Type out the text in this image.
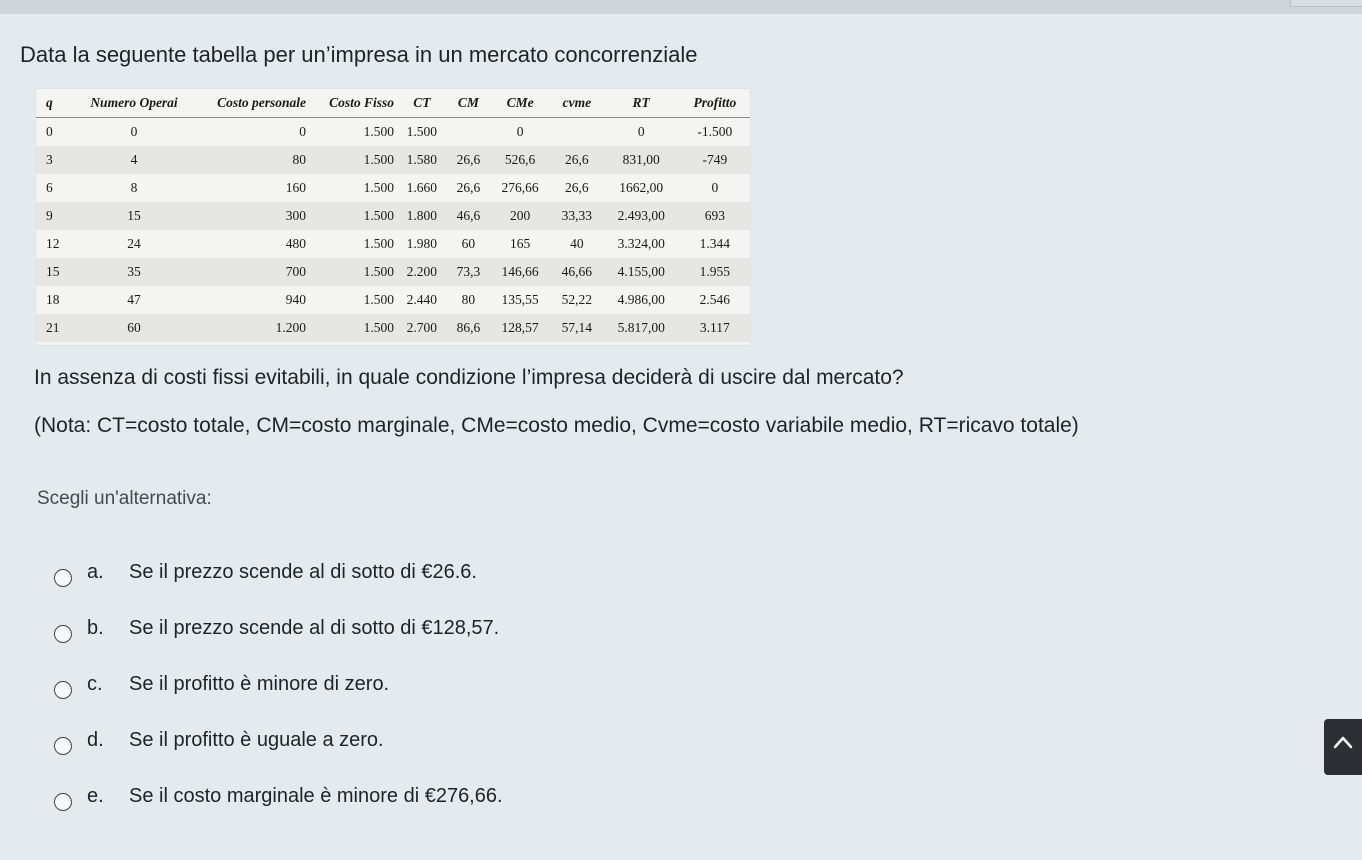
Data la seguente tabella per un’impresa in un mercato concorrenziale
q	Numero Operai	Costo personale	Costo Fisso	CT	CM	CMe	cvme	RT	Profitto
0	0	0	1.500	1.500		0		0	-1.500
3	4	80	1.500	1.580	26,6	526,6	26,6	831,00	-749
6	8	160	1.500	1.660	26,6	276,66	26,6	1662,00	0
9	15	300	1.500	1.800	46,6	200	33,33	2.493,00	693
12	24	480	1.500	1.980	60	165	40	3.324,00	1.344
15	35	700	1.500	2.200	73,3	146,66	46,66	4.155,00	1.955
18	47	940	1.500	2.440	80	135,55	52,22	4.986,00	2.546
21	60	1.200	1.500	2.700	86,6	128,57	57,14	5.817,00	3.117
In assenza di costi fissi evitabili, in quale condizione l’impresa deciderà di uscire dal mercato?
(Nota: CT=costo totale, CM=costo marginale, CMe=costo medio, Cvme=costo variabile medio, RT=ricavo totale)
Scegli un'alternativa:
a.	Se il prezzo scende al di sotto di €26.6.
b.	Se il prezzo scende al di sotto di €128,57.
c.	Se il profitto è minore di zero.
d.	Se il profitto è uguale a zero.
e.	Se il costo marginale è minore di €276,66.
